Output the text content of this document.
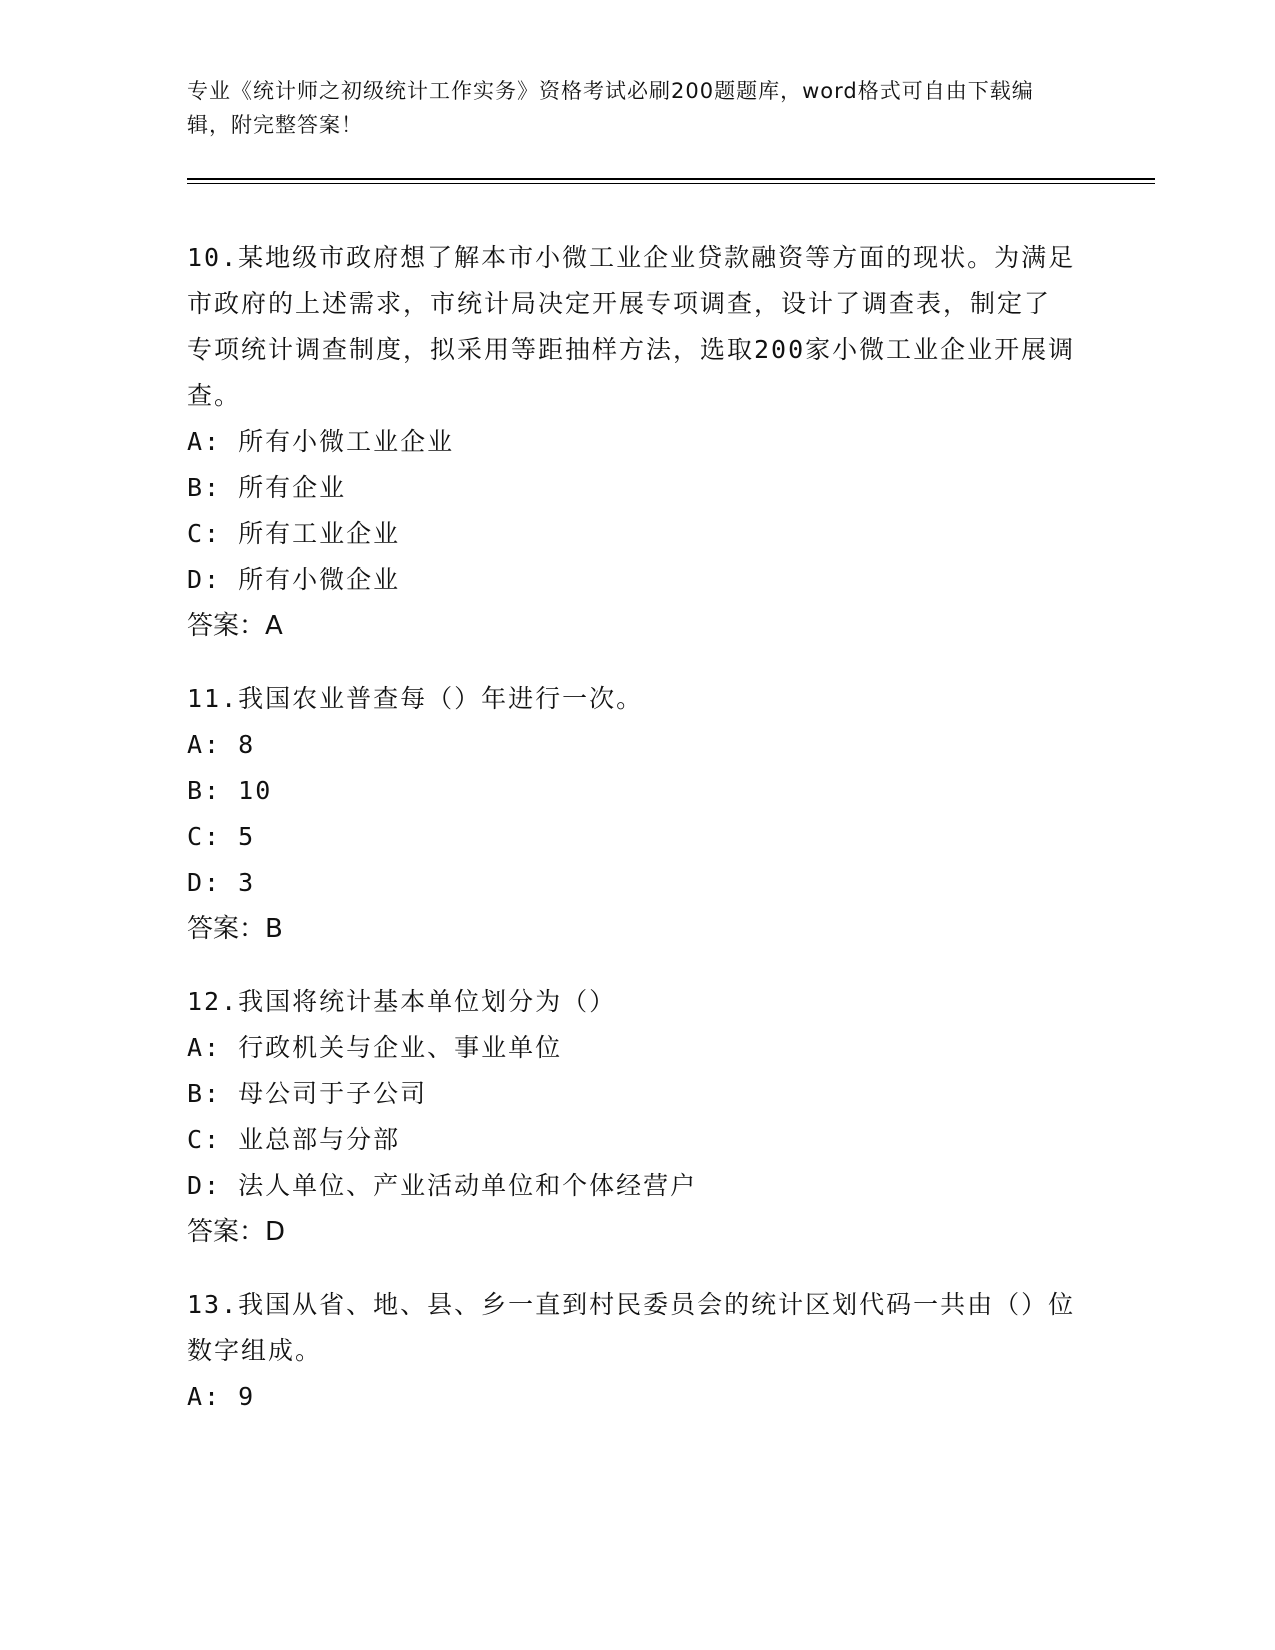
专业《统计师之初级统计工作实务》资格考试必刷200题题库，word格式可自由下载编辑，附完整答案！

10.某地级市政府想了解本市小微工业企业贷款融资等方面的现状。为满足市政府的上述需求，市统计局决定开展专项调查，设计了调查表，制定了专项统计调查制度，拟采用等距抽样方法，选取200家小微工业企业开展调查。

A: 所有小微工业企业

B: 所有企业

C: 所有工业企业

D: 所有小微企业

答案：A

11.我国农业普查每（）年进行一次。

A: 8

B: 10

C: 5

D: 3

答案：B

12.我国将统计基本单位划分为（）

A: 行政机关与企业、事业单位

B: 母公司于子公司

C: 业总部与分部

D: 法人单位、产业活动单位和个体经营户

答案：D

13.我国从省、地、县、乡一直到村民委员会的统计区划代码一共由（）位数字组成。

A: 9
